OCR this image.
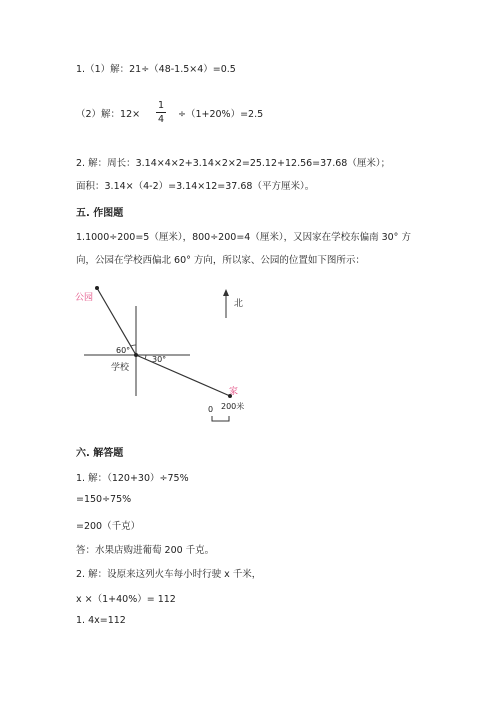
1.（1）解：21÷（48-1.5×4）=0.5
（2）解：12×
1
4 ÷（1+20%）=2.5
2. 解：周长：3.14×4×2+3.14×2×2=25.12+12.56=37.68（厘米）；
面积：3.14×（4-2）=3.14×12=37.68（平方厘米）。
五. 作图题
1.1000÷200=5（厘米），800÷200=4（厘米），又因家在学校东偏南 30° 方
向，公园在学校西偏北 60° 方向，所以家、公园的位置如下图所示：
公园
60°
30°
学校
北
家
0 200米
六. 解答题
1. 解：（120+30）÷75%
=150÷75%
=200（千克）
答：水果店购进葡萄 200 千克。
2. 解：设原来这列火车每小时行驶 x 千米，
x ×（1+40%）= 112
1. 4x=112
